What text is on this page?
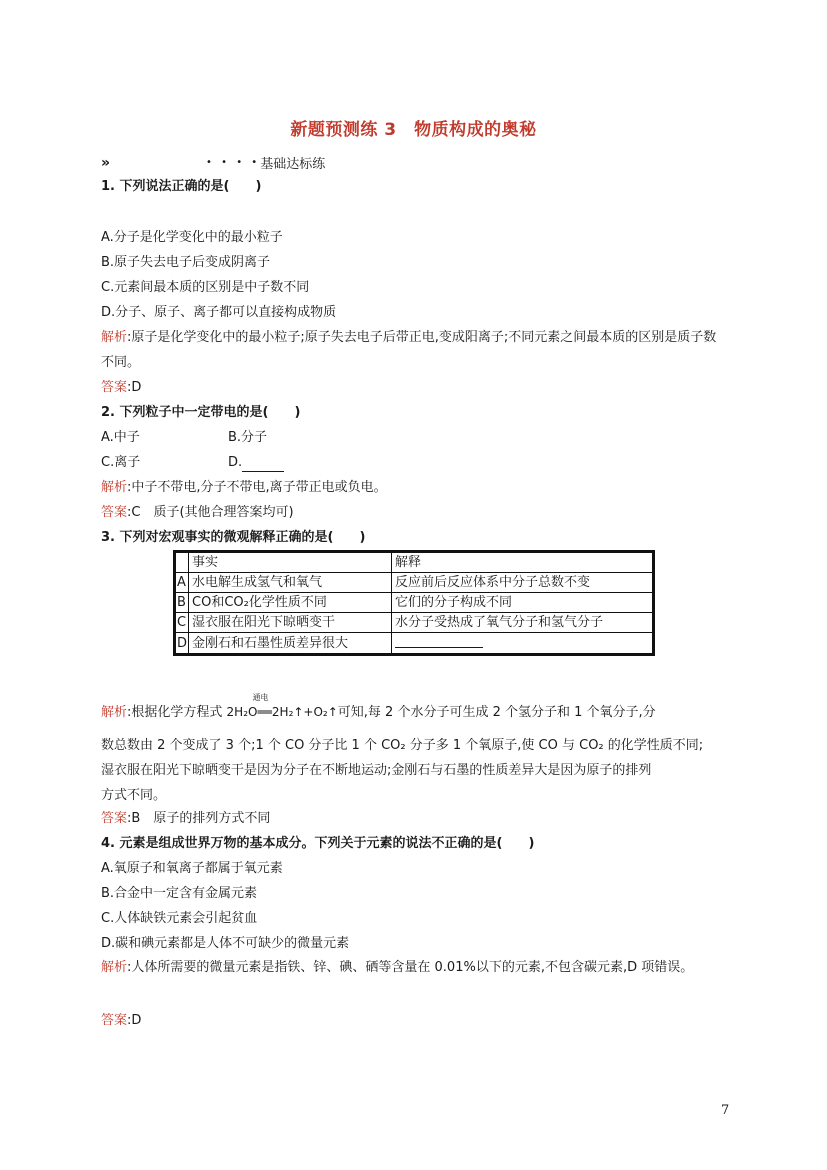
新题预测练 3　物质构成的奥秘
»	• • • • 基础达标练
1. 下列说法正确的是(　　)
A.分子是化学变化中的最小粒子
B.原子失去电子后变成阴离子
C.元素间最本质的区别是中子数不同
D.分子、原子、离子都可以直接构成物质
解析:原子是化学变化中的最小粒子;原子失去电子后带正电,变成阳离子;不同元素之间最本质的区别是质子数不同。
答案:D
2. 下列粒子中一定带电的是(　　)
A.中子	B.分子
C.离子	D.
解析:中子不带电,分子不带电,离子带正电或负电。
答案:C　质子(其他合理答案均可)
3. 下列对宏观事实的微观解释正确的是(　　)
	事实	解释
A	水电解生成氢气和氧气	反应前后反应体系中分子总数不变
B	CO和CO₂化学性质不同	它们的分子构成不同
C	湿衣服在阳光下晾晒变干	水分子受热成了氧气分子和氢气分子
D	金刚石和石墨性质差异很大	
解析:根据化学方程式 2H₂O
通电
══2H₂↑+O₂↑可知,每 2 个水分子可生成 2 个氢分子和 1 个氧分子,分
数总数由 2 个变成了 3 个;1 个 CO 分子比 1 个 CO₂ 分子多 1 个氧原子,使 CO 与 CO₂ 的化学性质不同;
湿衣服在阳光下晾晒变干是因为分子在不断地运动;金刚石与石墨的性质差异大是因为原子的排列
方式不同。
答案:B　原子的排列方式不同
4. 元素是组成世界万物的基本成分。下列关于元素的说法不正确的是(　　)
A.氧原子和氧离子都属于氧元素
B.合金中一定含有金属元素
C.人体缺铁元素会引起贫血
D.碳和碘元素都是人体不可缺少的微量元素
解析:人体所需要的微量元素是指铁、锌、碘、硒等含量在 0.01%以下的元素,不包含碳元素,D 项错误。
答案:D
7
